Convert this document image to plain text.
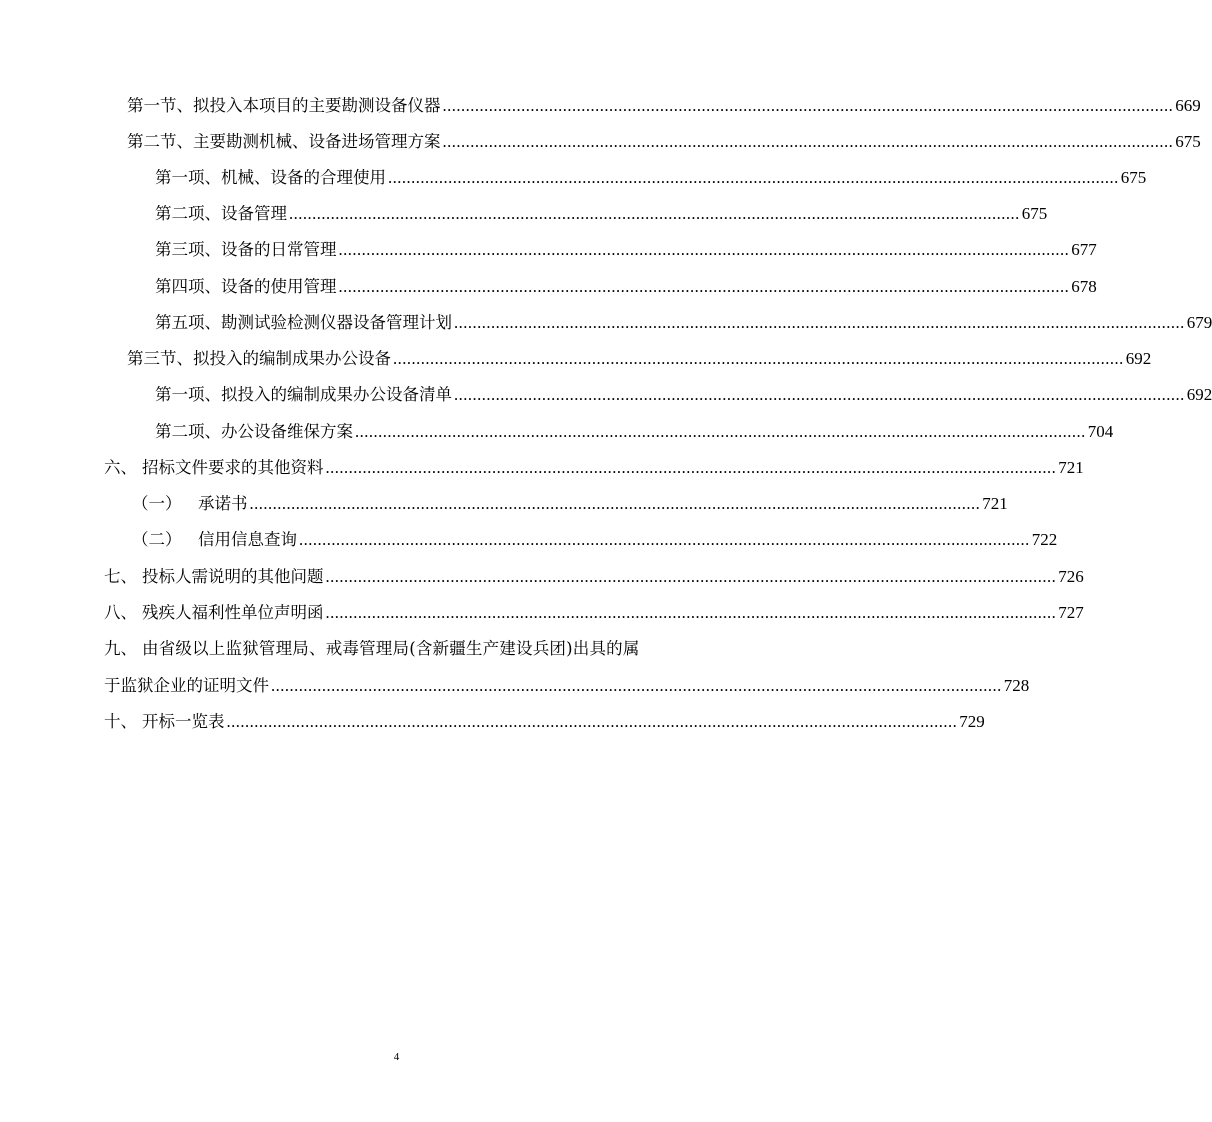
第一节、拟投入本项目的主要勘测设备仪器 .............................................................................................................................................................. 669
第二节、主要勘测机械、设备进场管理方案 .............................................................................................................................................................. 675
第一项、机械、设备的合理使用 .............................................................................................................................................................. 675
第二项、设备管理 .............................................................................................................................................................. 675
第三项、设备的日常管理 .............................................................................................................................................................. 677
第四项、设备的使用管理 .............................................................................................................................................................. 678
第五项、勘测试验检测仪器设备管理计划 .............................................................................................................................................................. 679
第三节、拟投入的编制成果办公设备 .............................................................................................................................................................. 692
第一项、拟投入的编制成果办公设备清单 .............................................................................................................................................................. 692
第二项、办公设备维保方案 .............................................................................................................................................................. 704
六、 招标文件要求的其他资料 .............................................................................................................................................................. 721
（一）	承诺书 .............................................................................................................................................................. 721
（二）	信用信息查询 .............................................................................................................................................................. 722
七、 投标人需说明的其他问题 .............................................................................................................................................................. 726
八、 残疾人福利性单位声明函 .............................................................................................................................................................. 727
九、 由省级以上监狱管理局、戒毒管理局(含新疆生产建设兵团)出具的属
于监狱企业的证明文件 .............................................................................................................................................................. 728
十、 开标一览表 .............................................................................................................................................................. 729
4
